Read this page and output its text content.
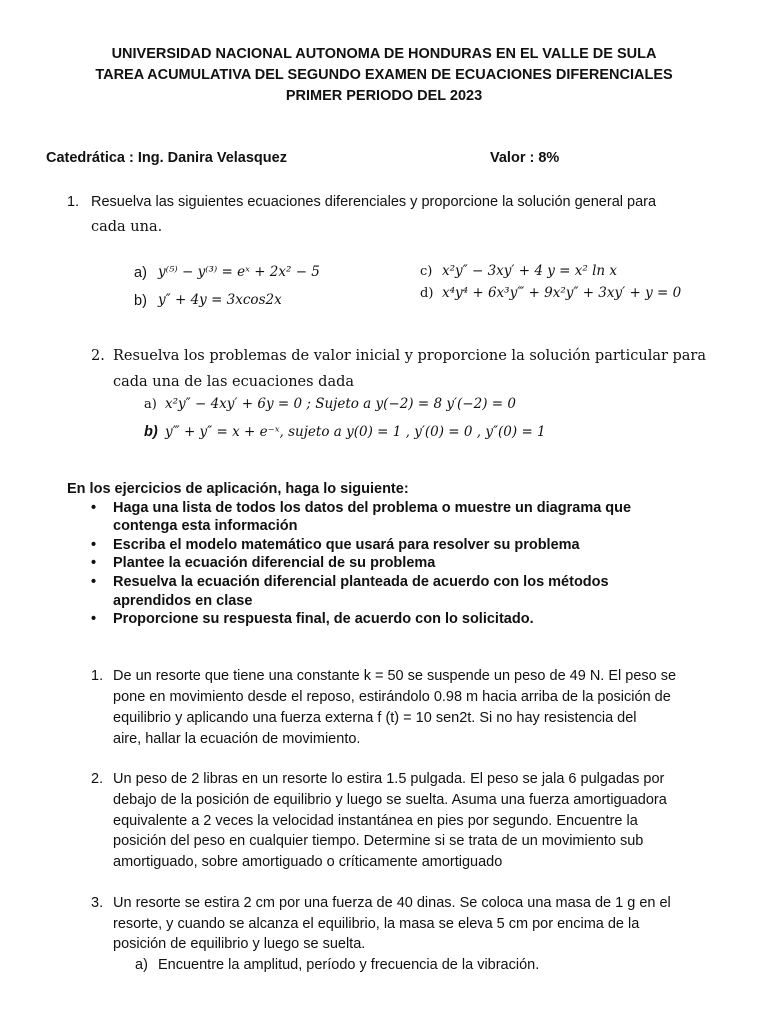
UNIVERSIDAD NACIONAL AUTONOMA DE HONDURAS EN EL VALLE DE SULA
TAREA ACUMULATIVA DEL SEGUNDO EXAMEN DE ECUACIONES DIFERENCIALES
PRIMER PERIODO DEL 2023
Catedrática : Ing. Danira Velasquez	Valor : 8%
1. Resuelva las siguientes ecuaciones diferenciales y proporcione la solución general para
cada una.
a) y⁽⁵⁾ − y⁽³⁾ = eˣ + 2x² − 5
b) y″ + 4y = 3xcos2x
c) x²y″ − 3xy′ + 4 y = x² ln x
d) x⁴y⁴ + 6x³y‴ + 9x²y″ + 3xy′ + y = 0
2. Resuelva los problemas de valor inicial y proporcione la solución particular para
cada una de las ecuaciones dada
a) x²y″ − 4xy′ + 6y = 0 ; Sujeto a y(−2) = 8 y′(−2) = 0
b) y‴ + y″ = x + e⁻ˣ, sujeto a y(0) = 1 , y′(0) = 0 , y″(0) = 1
En los ejercicios de aplicación, haga lo siguiente:
• Haga una lista de todos los datos del problema o muestre un diagrama que
contenga esta información
• Escriba el modelo matemático que usará para resolver su problema
• Plantee la ecuación diferencial de su problema
• Resuelva la ecuación diferencial planteada de acuerdo con los métodos
aprendidos en clase
• Proporcione su respuesta final, de acuerdo con lo solicitado.
1. De un resorte que tiene una constante k = 50 se suspende un peso de 49 N. El peso se
pone en movimiento desde el reposo, estirándolo 0.98 m hacia arriba de la posición de
equilibrio y aplicando una fuerza externa f (t) = 10 sen2t. Si no hay resistencia del
aire, hallar la ecuación de movimiento.
2. Un peso de 2 libras en un resorte lo estira 1.5 pulgada. El peso se jala 6 pulgadas por
debajo de la posición de equilibrio y luego se suelta. Asuma una fuerza amortiguadora
equivalente a 2 veces la velocidad instantánea en pies por segundo. Encuentre la
posición del peso en cualquier tiempo. Determine si se trata de un movimiento sub
amortiguado, sobre amortiguado o críticamente amortiguado
3. Un resorte se estira 2 cm por una fuerza de 40 dinas. Se coloca una masa de 1 g en el
resorte, y cuando se alcanza el equilibrio, la masa se eleva 5 cm por encima de la
posición de equilibrio y luego se suelta.
a) Encuentre la amplitud, período y frecuencia de la vibración.
